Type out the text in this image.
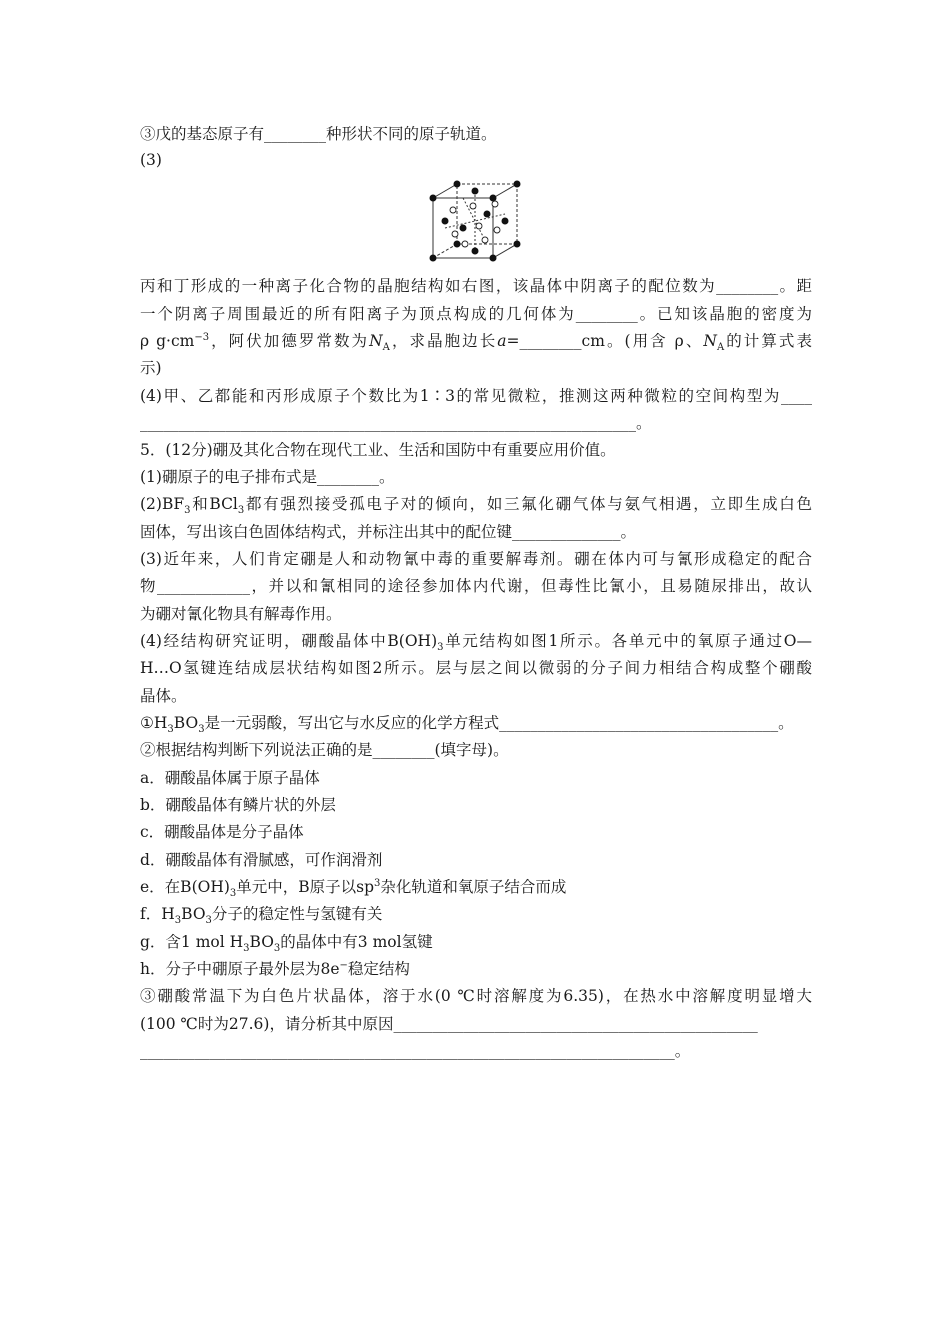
③戊的基态原子有________种形状不同的原子轨道。
(3)
丙和丁形成的一种离子化合物的晶胞结构如右图，该晶体中阴离子的配位数为________。距
一个阴离子周围最近的所有阳离子为顶点构成的几何体为________。已知该晶胞的密度为
ρ $g\cdot cm^{-3}$，阿伏加德罗常数为$N_A$，求晶胞边长a=________cm。(用含 ρ、$N_A$的计算式表
示)
(4)甲、乙都能和丙形成原子个数比为1∶3的常见微粒，推测这两种微粒的空间构型为____
________________________________________________________________。
5．(12分)硼及其化合物在现代工业、生活和国防中有重要应用价值。
(1)硼原子的电子排布式是________。
$(2)BF_3$和BCl$_3$都有强烈接受孤电子对的倾向，如三氟化硼气体与氨气相遇，立即生成白色
固体，写出该白色固体结构式，并标注出其中的配位键______________。
(3)近年来，人们肯定硼是人和动物氰中毒的重要解毒剂。硼在体内可与氰形成稳定的配合
物____________，并以和氰相同的途径参加体内代谢，但毒性比氰小，且易随尿排出，故认
为硼对氰化物具有解毒作用。
(4)经结构研究证明，硼酸晶体中$B(OH)_3$单元结构如图1所示。各单元中的氧原子通过O—
H…O氢键连结成层状结构如图2所示。层与层之间以微弱的分子间力相结合构成整个硼酸
晶体。
$①H_3BO_3$是一元弱酸，写出它与水反应的化学方程式____________________________________。
②根据结构判断下列说法正确的是________(填字母)。
a．硼酸晶体属于原子晶体
b．硼酸晶体有鳞片状的外层
c．硼酸晶体是分子晶体
d．硼酸晶体有滑腻感，可作润滑剂
e．在$B(OH)_3$单元中，B原子以$sp^3$杂化轨道和氧原子结合而成
f．$H_3BO_3$分子的稳定性与氢键有关
g．含1 mol $H_3BO_3$的晶体中有3 mol氢键
h．分子中硼原子最外层为8e−稳定结构
③硼酸常温下为白色片状晶体，溶于水(0 ℃时溶解度为6.35)，在热水中溶解度明显增大
(100 ℃时为27.6)，请分析其中原因_______________________________________________
_____________________________________________________________________。
